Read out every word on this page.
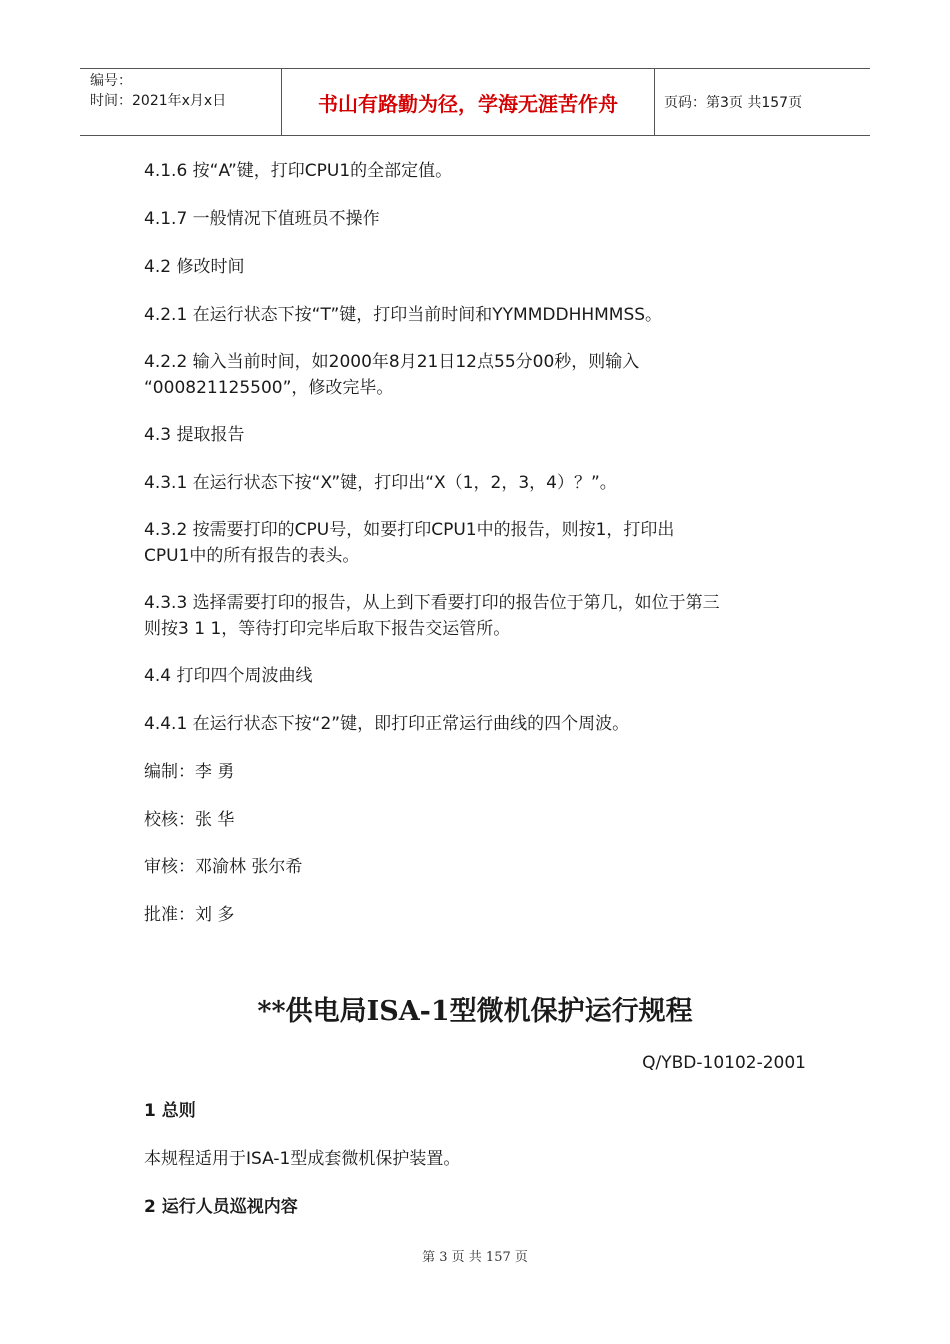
编号：
时间：2021年x月x日	书山有路勤为径，学海无涯苦作舟	页码：第3页 共157页
4.1.6 按“A”键，打印CPU1的全部定值。
4.1.7 一般情况下值班员不操作
4.2 修改时间
4.2.1 在运行状态下按“T”键，打印当前时间和YYMMDDHHMMSS。
4.2.2 输入当前时间，如2000年8月21日12点55分00秒，则输入
“000821125500”，修改完毕。
4.3 提取报告
4.3.1 在运行状态下按“X”键，打印出“X（1，2，3，4）？”。
4.3.2 按需要打印的CPU号，如要打印CPU1中的报告，则按1，打印出
CPU1中的所有报告的表头。
4.3.3 选择需要打印的报告，从上到下看要打印的报告位于第几，如位于第三
则按3 1 1，等待打印完毕后取下报告交运管所。
4.4 打印四个周波曲线
4.4.1 在运行状态下按“2”键，即打印正常运行曲线的四个周波。
编制：李 勇
校核：张 华
审核：邓渝林 张尔希
批准：刘 多
**供电局ISA-1型微机保护运行规程
Q/YBD-10102-2001
1 总则
本规程适用于ISA-1型成套微机保护装置。
2 运行人员巡视内容
第 3 页 共 157 页
